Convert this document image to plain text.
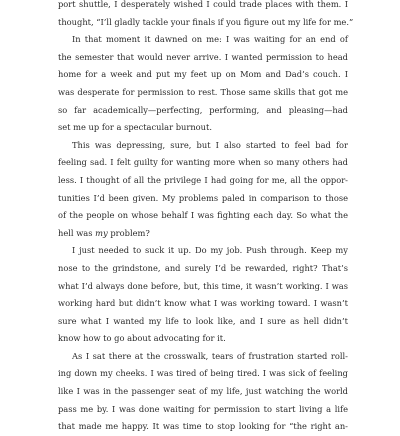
port shuttle, I desperately wished I could trade places with them. I
thought, “I’ll gladly tackle your finals if you figure out my life for me.”
In that moment it dawned on me: I was waiting for an end of
the semester that would never arrive. I wanted permission to head
home for a week and put my feet up on Mom and Dad’s couch. I
was desperate for permission to rest. Those same skills that got me
so far academically—perfecting, performing, and pleasing—had
set me up for a spectacular burnout.
This was depressing, sure, but I also started to feel bad for
feeling sad. I felt guilty for wanting more when so many others had
less. I thought of all the privilege I had going for me, all the oppor-
tunities I’d been given. My problems paled in comparison to those
of the people on whose behalf I was fighting each day. So what the
hell was my problem?
I just needed to suck it up. Do my job. Push through. Keep my
nose to the grindstone, and surely I’d be rewarded, right? That’s
what I’d always done before, but, this time, it wasn’t working. I was
working hard but didn’t know what I was working toward. I wasn’t
sure what I wanted my life to look like, and I sure as hell didn’t
know how to go about advocating for it.
As I sat there at the crosswalk, tears of frustration started roll-
ing down my cheeks. I was tired of being tired. I was sick of feeling
like I was in the passenger seat of my life, just watching the world
pass me by. I was done waiting for permission to start living a life
that made me happy. It was time to stop looking for “the right an-
